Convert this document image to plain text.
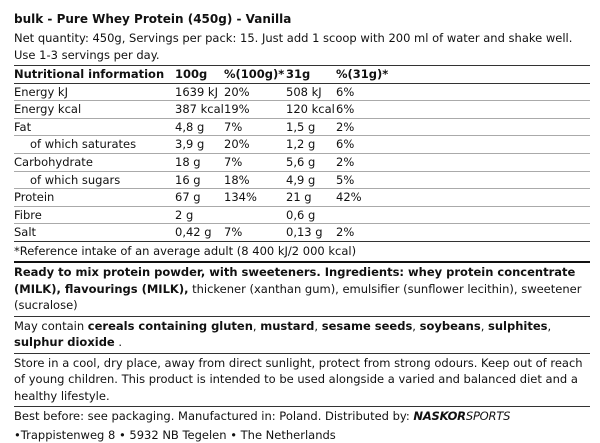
bulk - Pure Whey Protein (450g) - Vanilla

Net quantity: 450g, Servings per pack: 15. Just add 1 scoop with 200 ml of water and shake well. Use 1-3 servings per day.

Nutritional information	100g	%(100g)*	31g	%(31g)*	
Energy kJ	1639 kJ	20%	508 kJ	6%	
Energy kcal	387 kcal	19%	120 kcal	6%	
Fat	4,8 g	7%	1,5 g	2%	
of which saturates	3,9 g	20%	1,2 g	6%	
Carbohydrate	18 g	7%	5,6 g	2%	
of which sugars	16 g	18%	4,9 g	5%	
Protein	67 g	134%	21 g	42%	
Fibre	2 g		0,6 g		
Salt	0,42 g	7%	0,13 g	2%	

*Reference intake of an average adult (8 400 kJ/2 000 kcal)

Ready to mix protein powder, with sweeteners. Ingredients: whey protein concentrate (MILK), flavourings (MILK), thickener (xanthan gum), emulsifier (sunflower lecithin), sweetener (sucralose)

May contain cereals containing gluten, mustard, sesame seeds, soybeans, sulphites, sulphur dioxide .

Store in a cool, dry place, away from direct sunlight, protect from strong odours. Keep out of reach of young children. This product is intended to be used alongside a varied and balanced diet and a healthy lifestyle.

Best before: see packaging. Manufactured in: Poland. Distributed by: NASKORSPORTS

•Trappistenweg 8 • 5932 NB Tegelen • The Netherlands
